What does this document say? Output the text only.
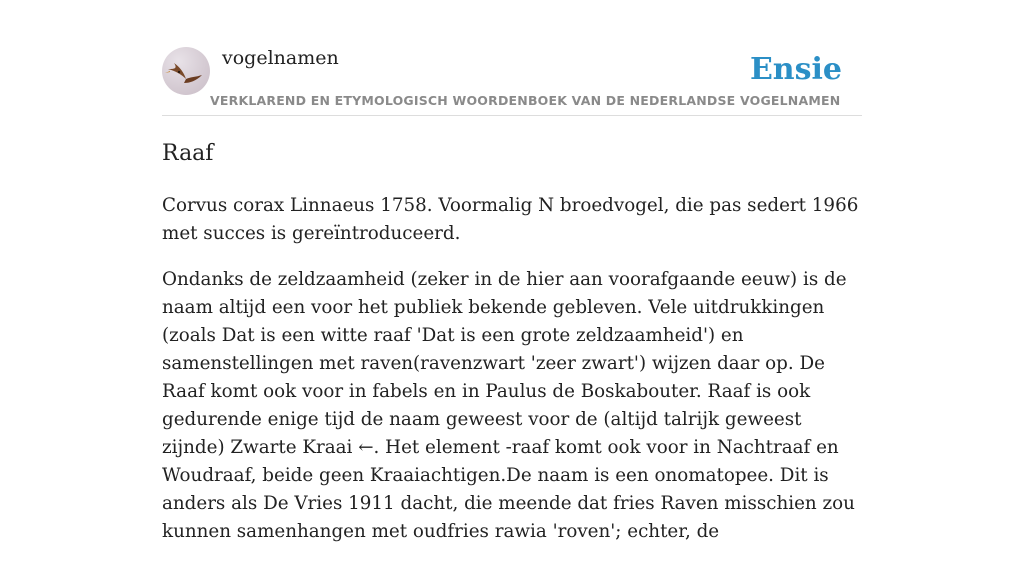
vogelnamen	Ensie
VERKLAREND EN ETYMOLOGISCH WOORDENBOEK VAN DE NEDERLANDSE VOGELNAMEN
Raaf

Corvus corax Linnaeus 1758. Voormalig N broedvogel, die pas sedert 1966 met succes is gereïntroduceerd.

Ondanks de zeldzaamheid (zeker in de hier aan voorafgaande eeuw) is de naam altijd een voor het publiek bekende gebleven. Vele uitdrukkingen (zoals Dat is een witte raaf 'Dat is een grote zeldzaamheid') en samenstellingen met raven(ravenzwart 'zeer zwart') wijzen daar op. De Raaf komt ook voor in fabels en in Paulus de Boskabouter. Raaf is ook gedurende enige tijd de naam geweest voor de (altijd talrijk geweest zijnde) Zwarte Kraai ←. Het element -raaf komt ook voor in Nachtraaf en Woudraaf, beide geen Kraaiachtigen.De naam is een onomatopee. Dit is anders als De Vries 1911 dacht, die meende dat fries Raven misschien zou kunnen samenhangen met oudfries rawia 'roven'; echter, de
